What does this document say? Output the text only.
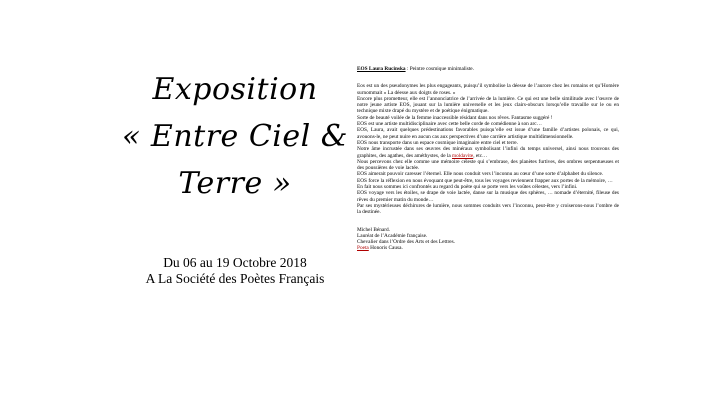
Exposition
« Entre Ciel &
Terre »
Du 06 au 19 Octobre 2018
A La Société des Poètes Français

EOS Laura Rucinska : Peintre cosmique minimaliste.

Eos est un des pseudonymes les plus engageants, puisqu’il symbolise la déesse de l’aurore chez les romains et qu’Homère surnommait « La déesse aux doigts de roses. »

Encore plus prometteur, elle est l’annonciatrice de l’arrivée de la lumière. Ce qui est une belle similitude avec l’œuvre de notre jeune artiste EOS, jouant sur la lumière universelle et les jeux clairs-obscurs lorsqu’elle travaille sur le ou en technique mixte drapé du mystère et de poétique énigmatique.

Sorte de beauté voilée de la femme inaccessible résidant dans nos rêves. Fantasme suggéré !

EOS est une artiste multidisciplinaire avec cette belle corde de comédienne à son arc…

EOS, Laura, avait quelques prédestinations favorables puisqu’elle est issue d’une famille d’artistes polonais, ce qui, avouons-le, ne peut nuire en aucun cas aux perspectives d’une carrière artistique multidimensionnelle.

EOS nous transporte dans un espace cosmique imaginaire entre ciel et terre.

Notre âme incrustée dans ses œuvres des minéraux symbolisant l’infini du temps universel, ainsi nous trouvons des graphites, des agathes, des améthystes, de la moldavite, etc…

Nous percevons chez elle comme une mémoire céleste qui s’embrase, des planètes furtives, des ombres serpentueuses et des poussières de voie lactée.

EOS aimerait pouvoir caresser l’éternel. Elle nous conduit vers l’inconnu au cœur d’une sorte d’alphabet du silence.

EOS force la réflexion en nous évoquant que peut-être, tous les voyages reviennent frapper aux portes de la mémoire, …

En fait nous sommes ici confrontés au regard du poète qui se porte vers les voûtes célestes, vers l’infini.

EOS voyage vers les étoiles, se drape de voie lactée, danse sur la musique des sphères, … nomade d’éternité, fileuse des rêves du premier matin du monde…

Par ses mystérieuses déchirures de lumière, nous sommes conduits vers l’inconnu, peut-être y croiserons-nous l’ombre de la destinée.

Michel Bénard.

Lauréat de l’Académie française.

Chevalier dans l’Ordre des Arts et des Lettres.

Poeta Honoris Causa.
